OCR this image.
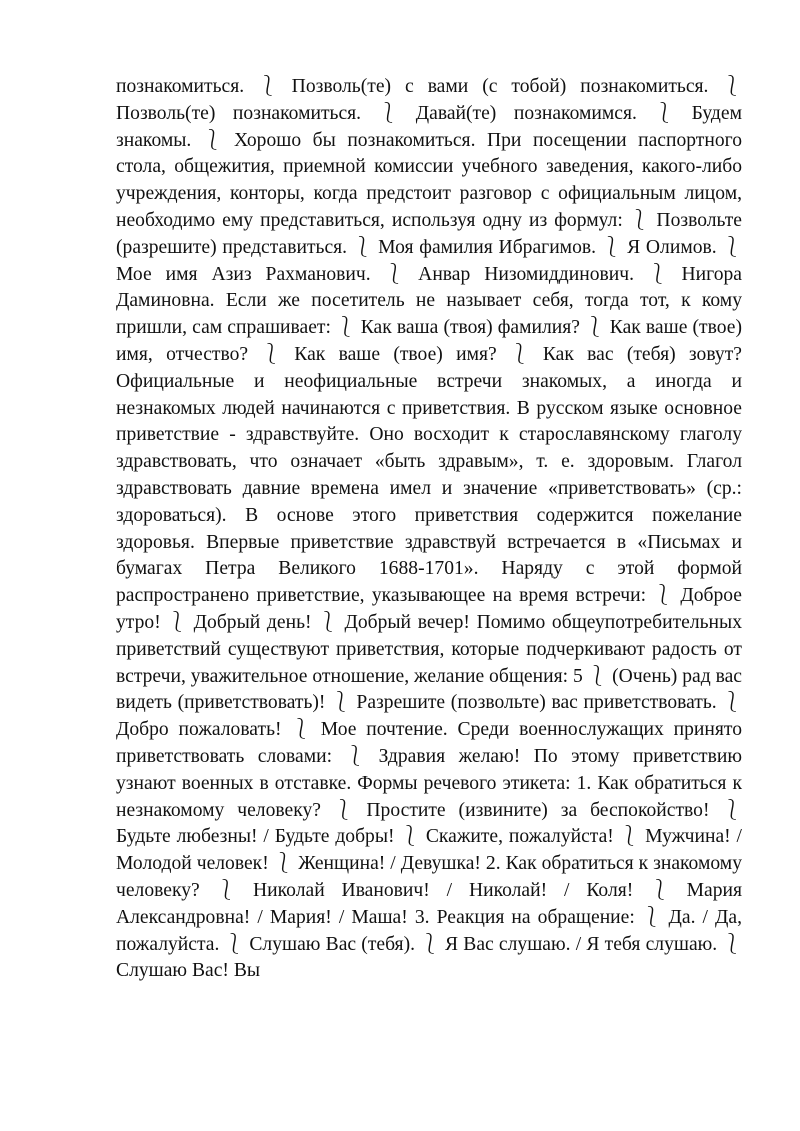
познакомиться. ⎱ Позволь(те) с вами (с тобой) познакомиться. ⎱ Позволь(те) познакомиться. ⎱ Давай(те) познакомимся. ⎱ Будем знакомы. ⎱ Хорошо бы познакомиться. При посещении паспортного стола, общежития, приемной комиссии учебного заведения, какого-либо учреждения, конторы, когда предстоит разговор с официальным лицом, необходимо ему представиться, используя одну из формул: ⎱ Позвольте (разрешите) представиться. ⎱ Моя фамилия Ибрагимов. ⎱ Я Олимов. ⎱ Мое имя Азиз Рахманович. ⎱ Анвар Низомиддинович. ⎱ Нигора Даминовна. Если же посетитель не называет себя, тогда тот, к кому пришли, сам спрашивает: ⎱ Как ваша (твоя) фамилия? ⎱ Как ваше (твое) имя, отчество? ⎱ Как ваше (твое) имя? ⎱ Как вас (тебя) зовут? Официальные и неофициальные встречи знакомых, а иногда и незнакомых людей начинаются с приветствия. В русском языке основное приветствие - здравствуйте. Оно восходит к старославянскому глаголу здравствовать, что означает «быть здравым», т. е. здоровым. Глагол здравствовать давние времена имел и значение «приветствовать» (ср.: здороваться). В основе этого приветствия содержится пожелание здоровья. Впервые приветствие здравствуй встречается в «Письмах и бумагах Петра Великого 1688-1701». Наряду с этой формой распространено приветствие, указывающее на время встречи: ⎱ Доброе утро! ⎱ Добрый день! ⎱ Добрый вечер! Помимо общеупотребительных приветствий существуют приветствия, которые подчеркивают радость от встречи, уважительное отношение, желание общения: 5 ⎱ (Очень) рад вас видеть (приветствовать)! ⎱ Разрешите (позвольте) вас приветствовать. ⎱ Добро пожаловать! ⎱ Мое почтение. Среди военнослужащих принято приветствовать словами: ⎱ Здравия желаю! По этому приветствию узнают военных в отставке. Формы речевого этикета: 1. Как обратиться к незнакомому человеку? ⎱ Простите (извините) за беспокойство! ⎱ Будьте любезны! / Будьте добры! ⎱ Скажите, пожалуйста! ⎱ Мужчина! / Молодой человек! ⎱ Женщина! / Девушка! 2. Как обратиться к знакомому человеку? ⎱ Николай Иванович! / Николай! / Коля! ⎱ Мария Александровна! / Мария! / Маша! 3. Реакция на обращение: ⎱ Да. / Да, пожалуйста. ⎱ Слушаю Вас (тебя). ⎱ Я Вас слушаю. / Я тебя слушаю. ⎱ Слушаю Вас! Вы
